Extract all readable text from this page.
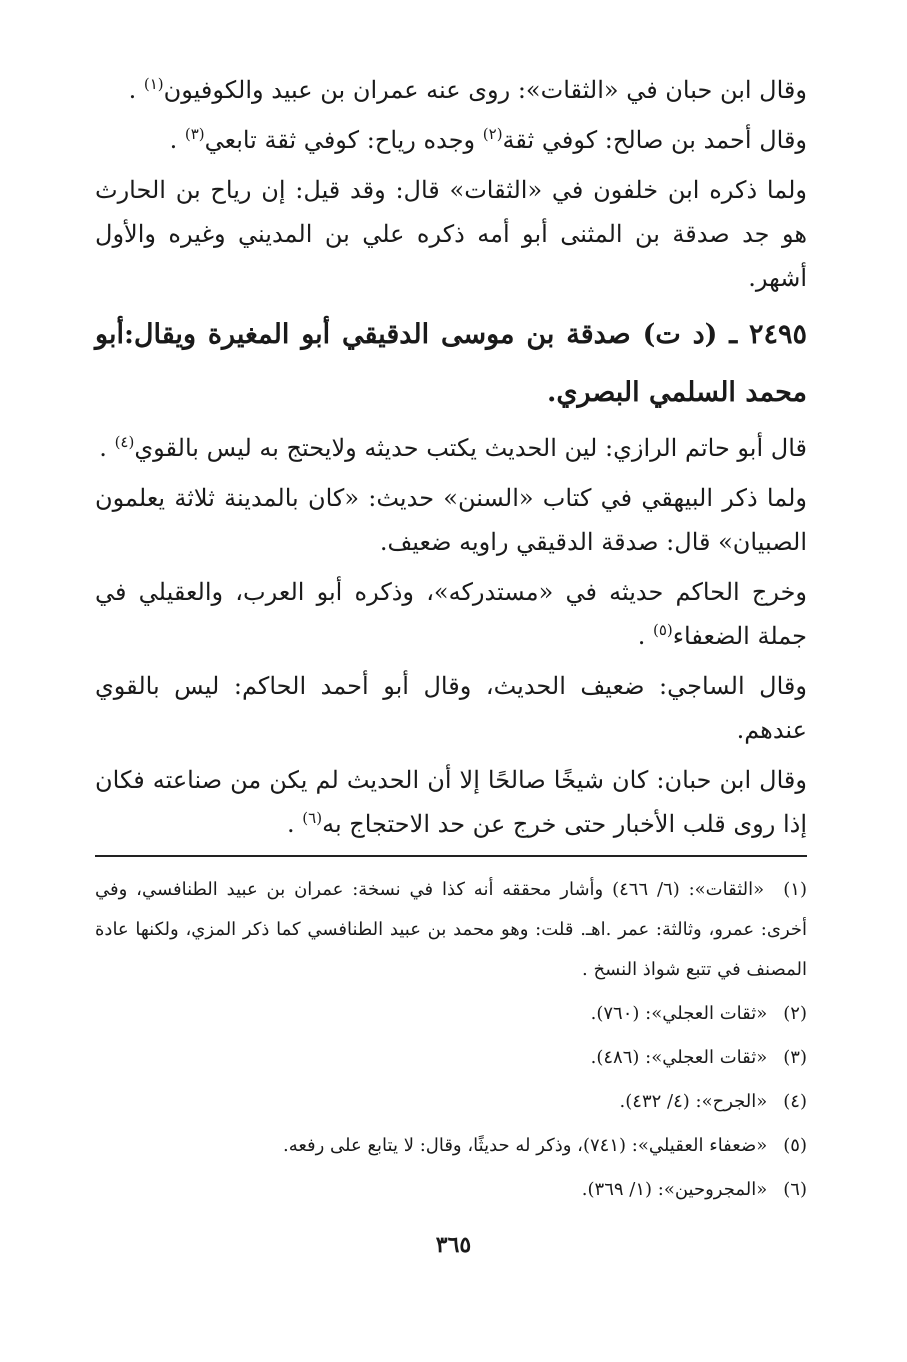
وقال ابن حبان في «الثقات»: روى عنه عمران بن عبيد والكوفيون$^{(١)}$ .

وقال أحمد بن صالح: كوفي ثقة$^{(٢)}$ وجده رياح: كوفي ثقة تابعي$^{(٣)}$ .

ولما ذكره ابن خلفون في «الثقات» قال: وقد قيل: إن رياح بن الحارث هو جد صدقة بن المثنى أبو أمه ذكره علي بن المديني وغيره والأول أشهر.

٢٤٩٥ ـ (د ت) صدقة بن موسى الدقيقي أبو المغيرة ويقال:أبو محمد السلمي البصري.

قال أبو حاتم الرازي: لين الحديث يكتب حديثه ولايحتج به ليس بالقوي$^{(٤)}$ .

ولما ذكر البيهقي في كتاب «السنن» حديث: «كان بالمدينة ثلاثة يعلمون الصبيان» قال: صدقة الدقيقي راويه ضعيف.

وخرج الحاكم حديثه في «مستدركه»، وذكره أبو العرب، والعقيلي في جملة الضعفاء$^{(٥)}$ .

وقال الساجي: ضعيف الحديث، وقال أبو أحمد الحاكم: ليس بالقوي عندهم.

وقال ابن حبان: كان شيخًا صالحًا إلا أن الحديث لم يكن من صناعته فكان إذا روى قلب الأخبار حتى خرج عن حد الاحتجاج به$^{(٦)}$ .

(١) «الثقات»: (٦/ ٤٦٦) وأشار محققه أنه كذا في نسخة: عمران بن عبيد الطنافسي، وفي أخرى: عمرو، وثالثة: عمر .اهـ. قلت: وهو محمد بن عبيد الطنافسي كما ذكر المزي، ولكنها عادة المصنف في تتبع شواذ النسخ .

(٢) «ثقات العجلي»: (٧٦٠).

(٣) «ثقات العجلي»: (٤٨٦).

(٤) «الجرح»: (٤/ ٤٣٢).

(٥) «ضعفاء العقيلي»: (٧٤١)، وذكر له حديثًا، وقال: لا يتابع على رفعه.

(٦) «المجروحين»: (١/ ٣٦٩).

٣٦٥
